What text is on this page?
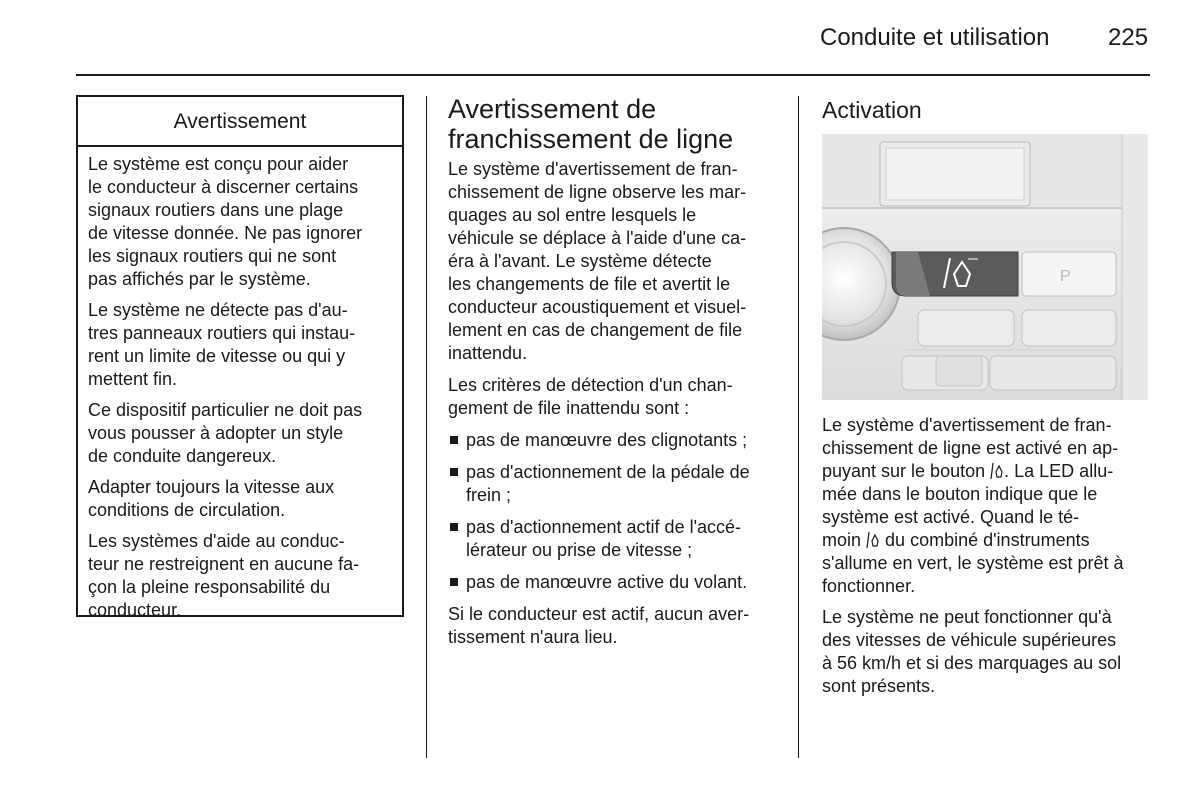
Conduite et utilisation 225
Avertissement

Le système est conçu pour aider
le conducteur à discerner certains
signaux routiers dans une plage
de vitesse donnée. Ne pas ignorer
les signaux routiers qui ne sont
pas affichés par le système.

Le système ne détecte pas d'au-
tres panneaux routiers qui instau-
rent un limite de vitesse ou qui y
mettent fin.

Ce dispositif particulier ne doit pas
vous pousser à adopter un style
de conduite dangereux.

Adapter toujours la vitesse aux
conditions de circulation.

Les systèmes d'aide au conduc-
teur ne restreignent en aucune fa-
çon la pleine responsabilité du
conducteur.

Avertissement de
franchissement de ligne

Le système d'avertissement de fran-
chissement de ligne observe les mar-
quages au sol entre lesquels le
véhicule se déplace à l'aide d'une ca-
éra à l'avant. Le système détecte
les changements de file et avertit le
conducteur acoustiquement et visuel-
lement en cas de changement de file
inattendu.

Les critères de détection d'un chan-
gement de file inattendu sont :

pas de manœuvre des clignotants ;
pas d'actionnement de la pédale de
frein ;
pas d'actionnement actif de l'accé-
lérateur ou prise de vitesse ;
pas de manœuvre active du volant.

Si le conducteur est actif, aucun aver-
tissement n'aura lieu.

Activation
P

Le système d'avertissement de fran-
chissement de ligne est activé en ap-
puyant sur le bouton . La LED allu-
mée dans le bouton indique que le
système est activé. Quand le té-
moin du combiné d'instruments
s'allume en vert, le système est prêt à
fonctionner.

Le système ne peut fonctionner qu'à
des vitesses de véhicule supérieures
à 56 km/h et si des marquages au sol
sont présents.
